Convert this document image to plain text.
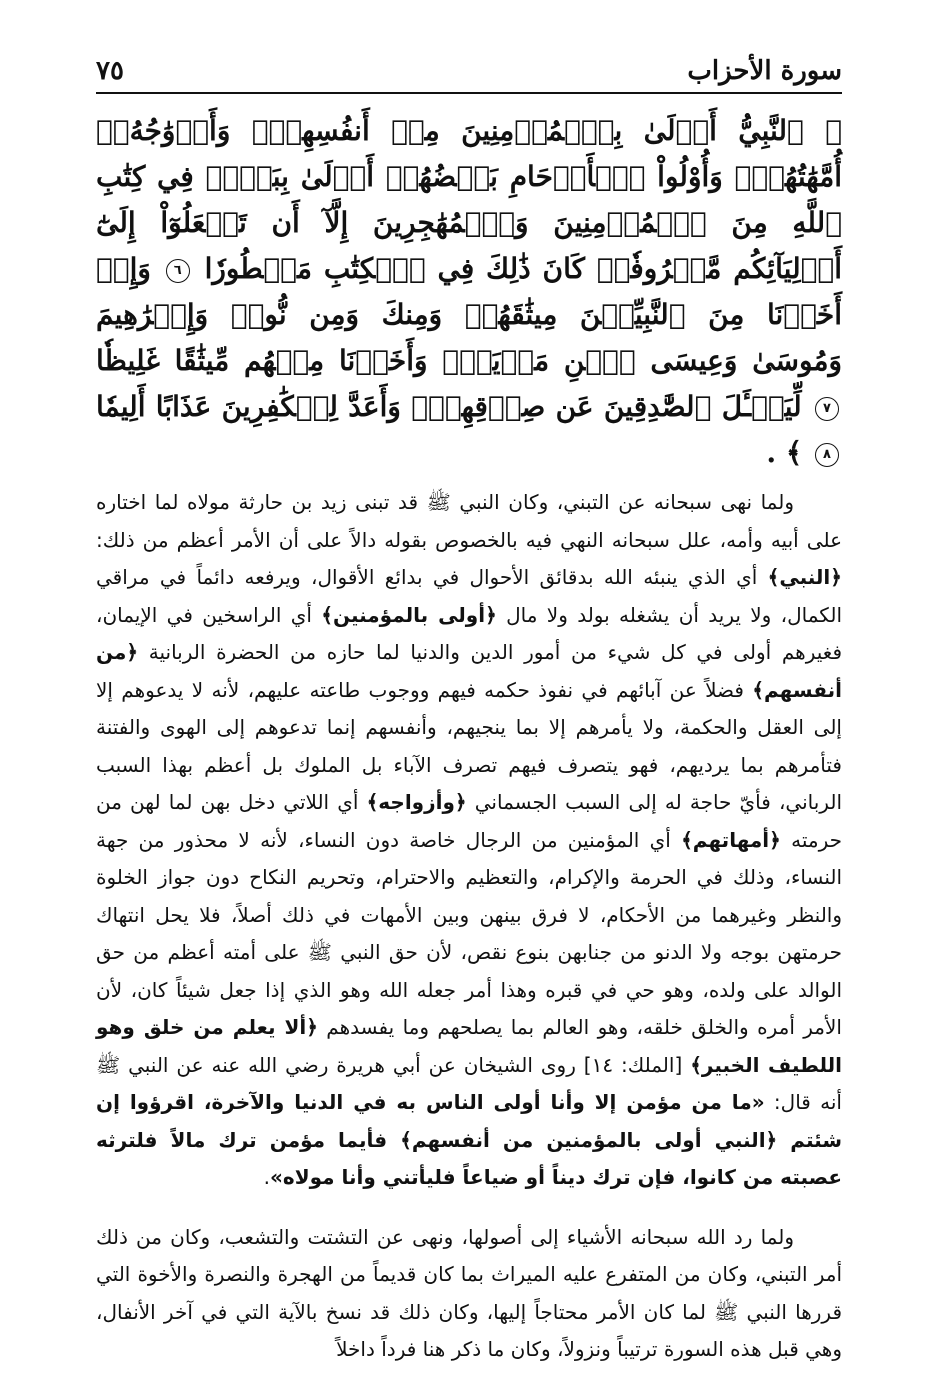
سورة الأحزاب
٧٥
﴿ ٱلنَّبِيُّ أَوۡلَىٰ بِٱلۡمُؤۡمِنِينَ مِنۡ أَنفُسِهِمۡۖ وَأَزۡوَٰجُهُۥٓ أُمَّهَٰتُهُمۡۗ وَأُوْلُواْ ٱلۡأَرۡحَامِ بَعۡضُهُمۡ أَوۡلَىٰ بِبَعۡضٖ فِي كِتَٰبِ ٱللَّهِ مِنَ ٱلۡمُؤۡمِنِينَ وَٱلۡمُهَٰجِرِينَ إِلَّآ أَن تَفۡعَلُوٓاْ إِلَىٰٓ أَوۡلِيَآئِكُم مَّعۡرُوفٗاۚ كَانَ ذَٰلِكَ فِي ٱلۡكِتَٰبِ مَسۡطُورٗا ٦ وَإِذۡ أَخَذۡنَا مِنَ ٱلنَّبِيِّـۧنَ مِيثَٰقَهُمۡ وَمِنكَ وَمِن نُّوحٖ وَإِبۡرَٰهِيمَ وَمُوسَىٰ وَعِيسَى ٱبۡنِ مَرۡيَمَۖ وَأَخَذۡنَا مِنۡهُم مِّيثَٰقًا غَلِيظٗا ٧ لِّيَسۡـَٔلَ ٱلصَّٰدِقِينَ عَن صِدۡقِهِمۡۚ وَأَعَدَّ لِلۡكَٰفِرِينَ عَذَابًا أَلِيمٗا ٨ ﴾ .

ولما نهى سبحانه عن التبني، وكان النبي ﷺ قد تبنى زيد بن حارثة مولاه لما اختاره على أبيه وأمه، علل سبحانه النهي فيه بالخصوص بقوله دالاً على أن الأمر أعظم من ذلك: ﴿النبي﴾ أي الذي ينبئه الله بدقائق الأحوال في بدائع الأقوال، ويرفعه دائماً في مراقي الكمال، ولا يريد أن يشغله بولد ولا مال ﴿أولى بالمؤمنين﴾ أي الراسخين في الإيمان، فغيرهم أولى في كل شيء من أمور الدين والدنيا لما حازه من الحضرة الربانية ﴿من أنفسهم﴾ فضلاً عن آبائهم في نفوذ حكمه فيهم ووجوب طاعته عليهم، لأنه لا يدعوهم إلا إلى العقل والحكمة، ولا يأمرهم إلا بما ينجيهم، وأنفسهم إنما تدعوهم إلى الهوى والفتنة فتأمرهم بما يرديهم، فهو يتصرف فيهم تصرف الآباء بل الملوك بل أعظم بهذا السبب الرباني، فأيّ حاجة له إلى السبب الجسماني ﴿وأزواجه﴾ أي اللاتي دخل بهن لما لهن من حرمته ﴿أمهاتهم﴾ أي المؤمنين من الرجال خاصة دون النساء، لأنه لا محذور من جهة النساء، وذلك في الحرمة والإكرام، والتعظيم والاحترام، وتحريم النكاح دون جواز الخلوة والنظر وغيرهما من الأحكام، لا فرق بينهن وبين الأمهات في ذلك أصلاً، فلا يحل انتهاك حرمتهن بوجه ولا الدنو من جنابهن بنوع نقص، لأن حق النبي ﷺ على أمته أعظم من حق الوالد على ولده، وهو حي في قبره وهذا أمر جعله الله وهو الذي إذا جعل شيئاً كان، لأن الأمر أمره والخلق خلقه، وهو العالم بما يصلحهم وما يفسدهم ﴿ألا يعلم من خلق وهو اللطيف الخبير﴾ [الملك: ١٤] روى الشيخان عن أبي هريرة رضي الله عنه عن النبي ﷺ أنه قال: «ما من مؤمن إلا وأنا أولى الناس به في الدنيا والآخرة، اقرؤوا إن شئتم ﴿النبي أولى بالمؤمنين من أنفسهم﴾ فأيما مؤمن ترك مالاً فلترثه عصبته من كانوا، فإن ترك ديناً أو ضياعاً فليأتني وأنا مولاه».

ولما رد الله سبحانه الأشياء إلى أصولها، ونهى عن التشتت والتشعب، وكان من ذلك أمر التبني، وكان من المتفرع عليه الميراث بما كان قديماً من الهجرة والنصرة والأخوة التي قررها النبي ﷺ لما كان الأمر محتاجاً إليها، وكان ذلك قد نسخ بالآية التي في آخر الأنفال، وهي قبل هذه السورة ترتيباً ونزولاً، وكان ما ذكر هنا فرداً داخلاً
